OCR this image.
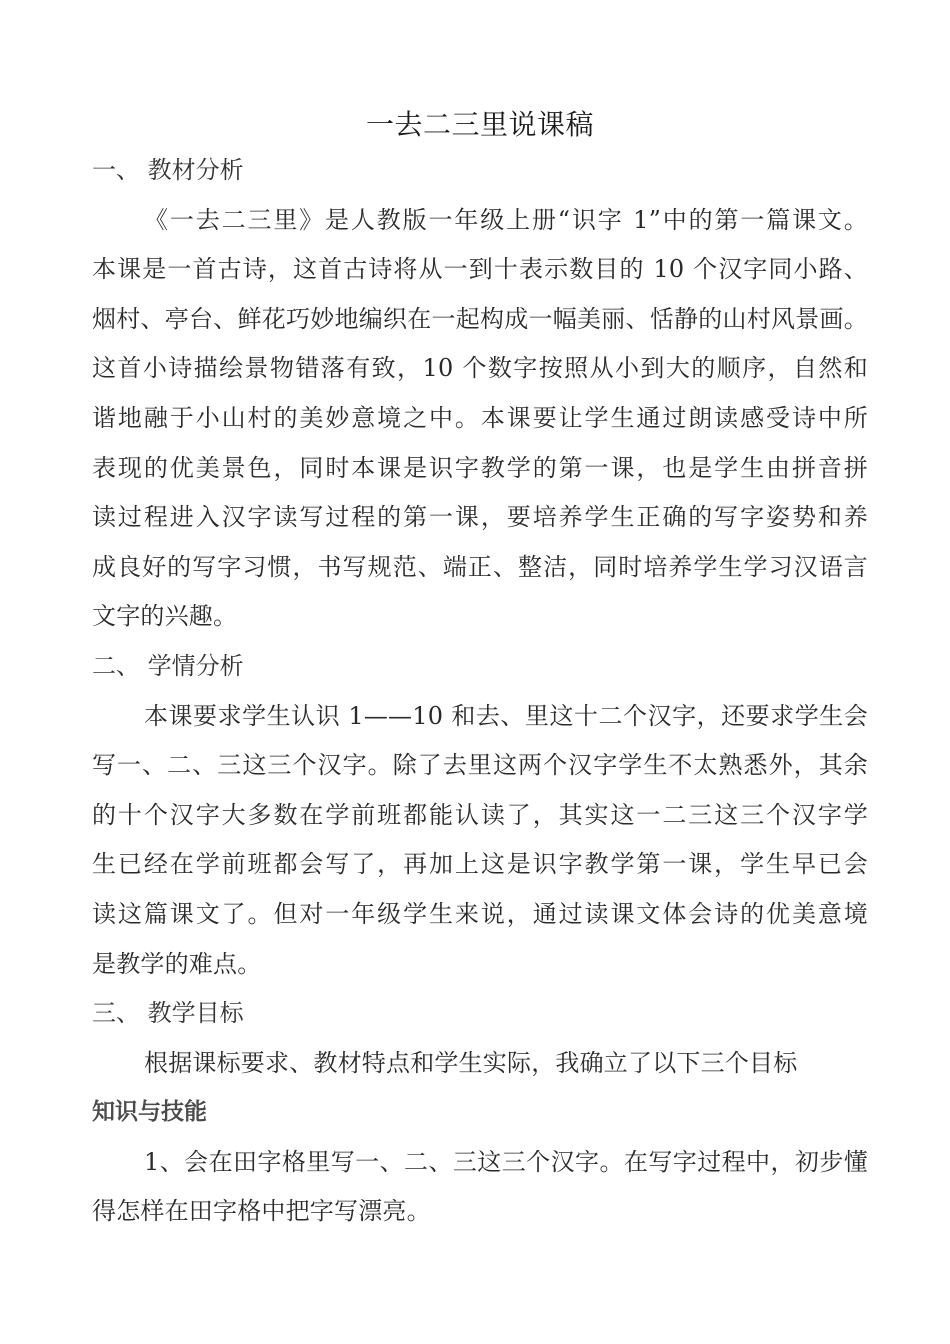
一去二三里说课稿
一、 教材分析
《一去二三里》是人教版一年级上册“识字 1”中的第一篇课文。
本课是一首古诗，这首古诗将从一到十表示数目的 10 个汉字同小路、
烟村、亭台、鲜花巧妙地编织在一起构成一幅美丽、恬静的山村风景画。
这首小诗描绘景物错落有致，10 个数字按照从小到大的顺序，自然和
谐地融于小山村的美妙意境之中。本课要让学生通过朗读感受诗中所
表现的优美景色，同时本课是识字教学的第一课，也是学生由拼音拼
读过程进入汉字读写过程的第一课，要培养学生正确的写字姿势和养
成良好的写字习惯，书写规范、端正、整洁，同时培养学生学习汉语言
文字的兴趣。
二、 学情分析
本课要求学生认识 1——10 和去、里这十二个汉字，还要求学生会
写一、二、三这三个汉字。除了去里这两个汉字学生不太熟悉外，其余
的十个汉字大多数在学前班都能认读了，其实这一二三这三个汉字学
生已经在学前班都会写了，再加上这是识字教学第一课，学生早已会
读这篇课文了。但对一年级学生来说，通过读课文体会诗的优美意境
是教学的难点。
三、 教学目标
根据课标要求、教材特点和学生实际，我确立了以下三个目标
知识与技能
1、会在田字格里写一、二、三这三个汉字。在写字过程中，初步懂
得怎样在田字格中把字写漂亮。
